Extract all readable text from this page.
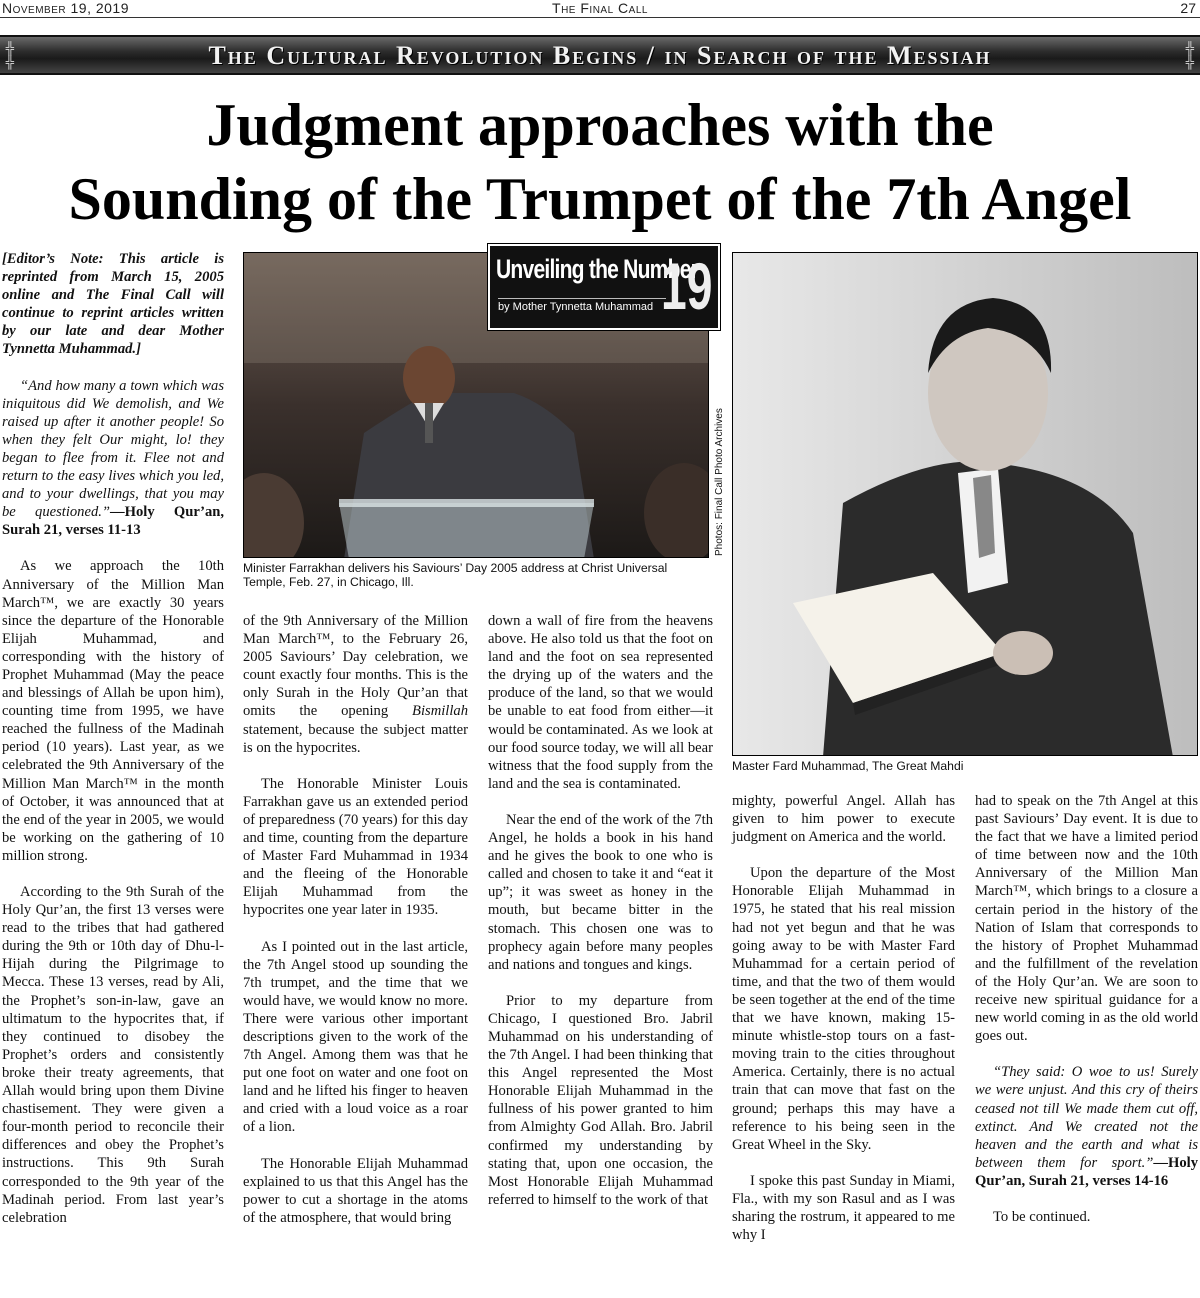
November 19, 2019	The Final Call	27
╬
╬	The Cultural Revolution Begins / in Search of the Messiah	╬
╬
Judgment approaches with the
Sounding of the Trumpet of the 7th Angel

[Editor’s Note: This article is reprinted from March 15, 2005 online and The Final Call will continue to reprint articles written by our late and dear Mother Tynnetta Muhammad.]

“And how many a town which was iniquitous did We demolish, and We raised up after it another people! So when they felt Our might, lo! they began to flee from it. Flee not and return to the easy lives which you led, and to your dwellings, that you may be questioned.”—Holy Qur’an, Surah 21, verses 11-13

As we approach the 10th Anniversary of the Million Man March™, we are exactly 30 years since the departure of the Honorable Elijah Muhammad, and corresponding with the history of Prophet Muhammad (May the peace and blessings of Allah be upon him), counting time from 1995, we have reached the fullness of the Madinah period (10 years). Last year, as we celebrated the 9th Anniversary of the Million Man March™ in the month of October, it was announced that at the end of the year in 2005, we would be working on the gathering of 10 million strong.

According to the 9th Surah of the Holy Qur’an, the first 13 verses were read to the tribes that had gathered during the 9th or 10th day of Dhu-l-Hijah during the Pilgrimage to Mecca. These 13 verses, read by Ali, the Prophet’s son-in-law, gave an ultimatum to the hypocrites that, if they continued to disobey the Prophet’s orders and consistently broke their treaty agreements, that Allah would bring upon them Divine chastisement. They were given a four-month period to reconcile their differences and obey the Prophet’s instructions. This 9th Surah corresponded to the 9th year of the Madinah period. From last year’s celebration

Unveiling the Number
by Mother Tynnetta Muhammad 19
Photos: Final Call Photo Archives
Minister Farrakhan delivers his Saviours’ Day 2005 address at Christ Universal Temple, Feb. 27, in Chicago, Ill.
Master Fard Muhammad, The Great Mahdi

of the 9th Anniversary of the Million Man March™, to the February 26, 2005 Saviours’ Day celebration, we count exactly four months. This is the only Surah in the Holy Qur’an that omits the opening Bismillah statement, because the subject matter is on the hypocrites.

The Honorable Minister Louis Farrakhan gave us an extended period of preparedness (70 years) for this day and time, counting from the departure of Master Fard Muhammad in 1934 and the fleeing of the Honorable Elijah Muhammad from the hypocrites one year later in 1935.

As I pointed out in the last article, the 7th Angel stood up sounding the 7th trumpet, and the time that we would have, we would know no more. There were various other important descriptions given to the work of the 7th Angel. Among them was that he put one foot on water and one foot on land and he lifted his finger to heaven and cried with a loud voice as a roar of a lion.

The Honorable Elijah Muhammad explained to us that this Angel has the power to cut a shortage in the atoms of the atmosphere, that would bring

down a wall of fire from the heavens above. He also told us that the foot on land and the foot on sea represented the drying up of the waters and the produce of the land, so that we would be unable to eat food from either—it would be contaminated. As we look at our food source today, we will all bear witness that the food supply from the land and the sea is contaminated.

Near the end of the work of the 7th Angel, he holds a book in his hand and he gives the book to one who is called and chosen to take it and “eat it up”; it was sweet as honey in the mouth, but became bitter in the stomach. This chosen one was to prophecy again before many peoples and nations and tongues and kings.

Prior to my departure from Chicago, I questioned Bro. Jabril Muhammad on his understanding of the 7th Angel. I had been thinking that this Angel represented the Most Honorable Elijah Muhammad in the fullness of his power granted to him from Almighty God Allah. Bro. Jabril confirmed my understanding by stating that, upon one occasion, the Most Honorable Elijah Muhammad referred to himself to the work of that

mighty, powerful Angel. Allah has given to him power to execute judgment on America and the world.

Upon the departure of the Most Honorable Elijah Muhammad in 1975, he stated that his real mission had not yet begun and that he was going away to be with Master Fard Muhammad for a certain period of time, and that the two of them would be seen together at the end of the time that we have known, making 15-minute whistle-stop tours on a fast-moving train to the cities throughout America. Certainly, there is no actual train that can move that fast on the ground; perhaps this may have a reference to his being seen in the Great Wheel in the Sky.

I spoke this past Sunday in Miami, Fla., with my son Rasul and as I was sharing the rostrum, it appeared to me why I

had to speak on the 7th Angel at this past Saviours’ Day event. It is due to the fact that we have a limited period of time between now and the 10th Anniversary of the Million Man March™, which brings to a closure a certain period in the history of the Nation of Islam that corresponds to the history of Prophet Muhammad and the fulfillment of the revelation of the Holy Qur’an. We are soon to receive new spiritual guidance for a new world coming in as the old world goes out.

“They said: O woe to us! Surely we were unjust. And this cry of theirs ceased not till We made them cut off, extinct. And We created not the heaven and the earth and what is between them for sport.”—Holy Qur’an, Surah 21, verses 14-16

To be continued.
